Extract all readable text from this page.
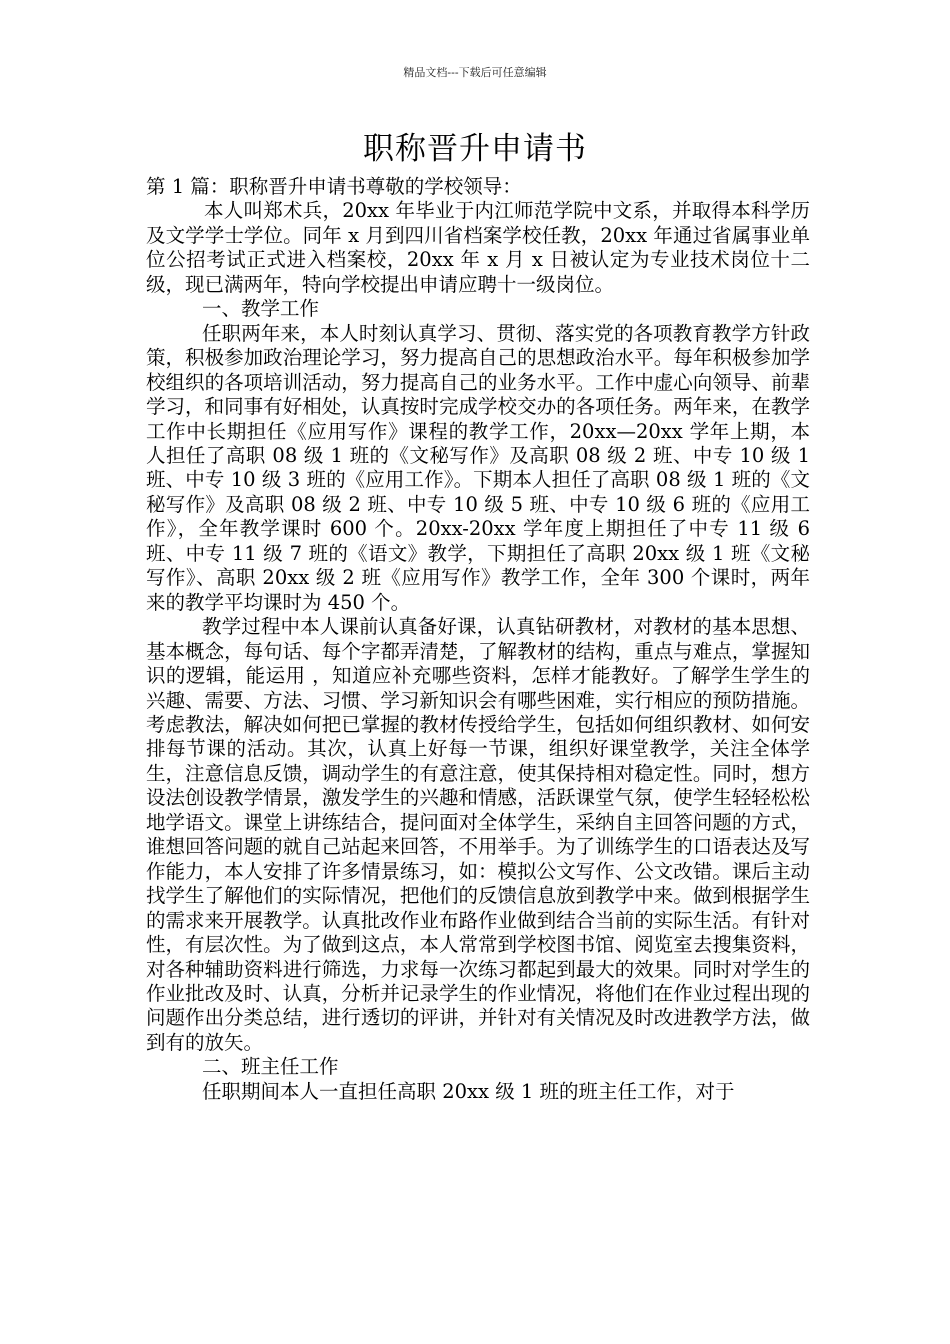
精品文档---下载后可任意编辑
职称晋升申请书

第 1 篇：职称晋升申请书尊敬的学校领导：

本人叫郑术兵，20xx 年毕业于内江师范学院中文系，并取得本科学历及文学学士学位。同年 x 月到四川省档案学校任教，20xx 年通过省属事业单位公招考试正式进入档案校，20xx 年 x 月 x 日被认定为专业技术岗位十二级，现已满两年，特向学校提出申请应聘十一级岗位。

一、教学工作

任职两年来，本人时刻认真学习、贯彻、落实党的各项教育教学方针政策，积极参加政治理论学习，努力提高自己的思想政治水平。每年积极参加学校组织的各项培训活动，努力提高自己的业务水平。工作中虚心向领导、前辈学习，和同事有好相处，认真按时完成学校交办的各项任务。两年来，在教学工作中长期担任《应用写作》课程的教学工作，20xx—20xx 学年上期，本人担任了高职 08 级 1 班的《文秘写作》及高职 08 级 2 班、中专 10 级 1 班、中专 10 级 3 班的《应用工作》。下期本人担任了高职 08 级 1 班的《文秘写作》及高职 08 级 2 班、中专 10 级 5 班、中专 10 级 6 班的《应用工作》，全年教学课时 600 个。20xx-20xx 学年度上期担任了中专 11 级 6 班、中专 11 级 7 班的《语文》教学，下期担任了高职 20xx 级 1 班《文秘写作》、高职 20xx 级 2 班《应用写作》教学工作，全年 300 个课时，两年来的教学平均课时为 450 个。

教学过程中本人课前认真备好课，认真钻研教材，对教材的基本思想、基本概念，每句话、每个字都弄清楚，了解教材的结构，重点与难点，掌握知识的逻辑，能运用 ，知道应补充哪些资料，怎样才能教好。了解学生学生的兴趣、需要、方法、习惯、学习新知识会有哪些困难，实行相应的预防措施。考虑教法，解决如何把已掌握的教材传授给学生，包括如何组织教材、如何安排每节课的活动。其次，认真上好每一节课，组织好课堂教学，关注全体学生，注意信息反馈，调动学生的有意注意，使其保持相对稳定性。同时，想方设法创设教学情景，激发学生的兴趣和情感，活跃课堂气氛，使学生轻轻松松地学语文。课堂上讲练结合，提问面对全体学生，采纳自主回答问题的方式，谁想回答问题的就自己站起来回答，不用举手。为了训练学生的口语表达及写作能力，本人安排了许多情景练习，如：模拟公文写作、公文改错。课后主动找学生了解他们的实际情况，把他们的反馈信息放到教学中来。做到根据学生的需求来开展教学。认真批改作业布路作业做到结合当前的实际生活。有针对性，有层次性。为了做到这点，本人常常到学校图书馆、阅览室去搜集资料，对各种辅助资料进行筛选，力求每一次练习都起到最大的效果。同时对学生的作业批改及时、认真，分析并记录学生的作业情况，将他们在作业过程出现的问题作出分类总结，进行透切的评讲，并针对有关情况及时改进教学方法，做到有的放矢。

二、班主任工作

任职期间本人一直担任高职 20xx 级 1 班的班主任工作，对于
